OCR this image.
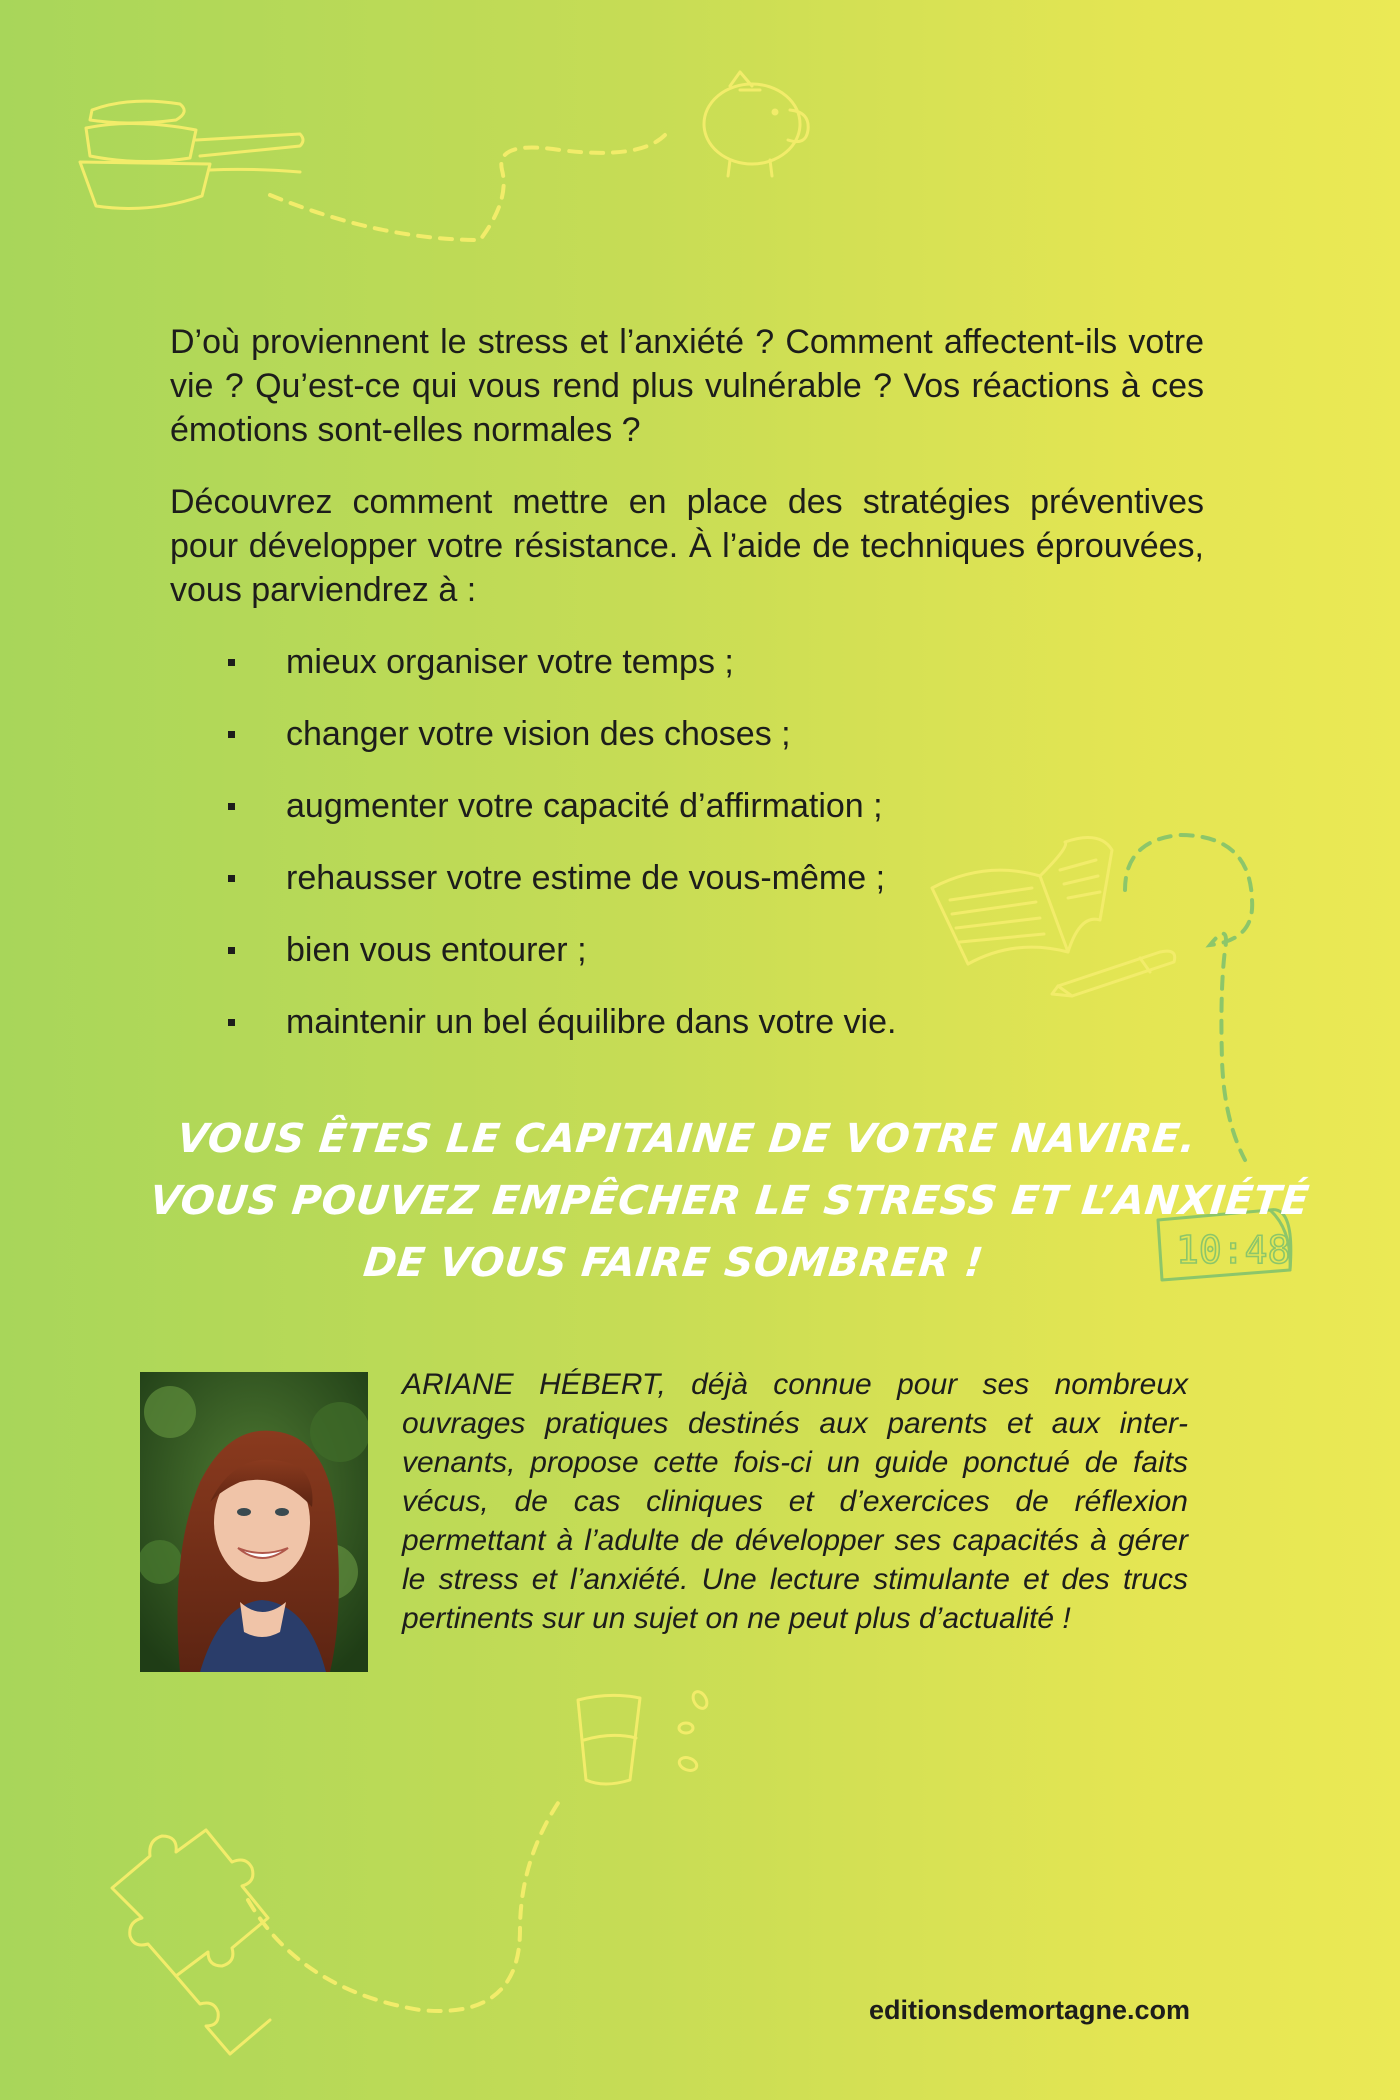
10:48

D’où proviennent le stress et l’anxiété ? Comment affectent-ils votre vie ? Qu’est-ce qui vous rend plus vulnérable ? Vos réactions à ces émotions sont-elles normales ?

Découvrez comment mettre en place des stratégies préventives pour développer votre résistance. À l’aide de techniques éprouvées, vous parviendrez à :

mieux organiser votre temps ;
changer votre vision des choses ;
augmenter votre capacité d’affirmation ;
rehausser votre estime de vous-même ;
bien vous entourer ;
maintenir un bel équilibre dans votre vie.
VOUS ÊTES LE CAPITAINE DE VOTRE NAVIRE.
VOUS POUVEZ EMPÊCHER LE STRESS ET L’ANXIÉTÉ
DE VOUS FAIRE SOMBRER !

ARIANE HÉBERT, déjà connue pour ses nombreux ouvrages pratiques destinés aux parents et aux intervenants, propose cette fois-ci un guide ponctué de faits vécus, de cas cliniques et d’exercices de réflexion permettant à l’adulte de développer ses capacités à gérer le stress et l’anxiété. Une lecture stimulante et des trucs pertinents sur un sujet on ne peut plus d’actualité !

editionsdemortagne.com
